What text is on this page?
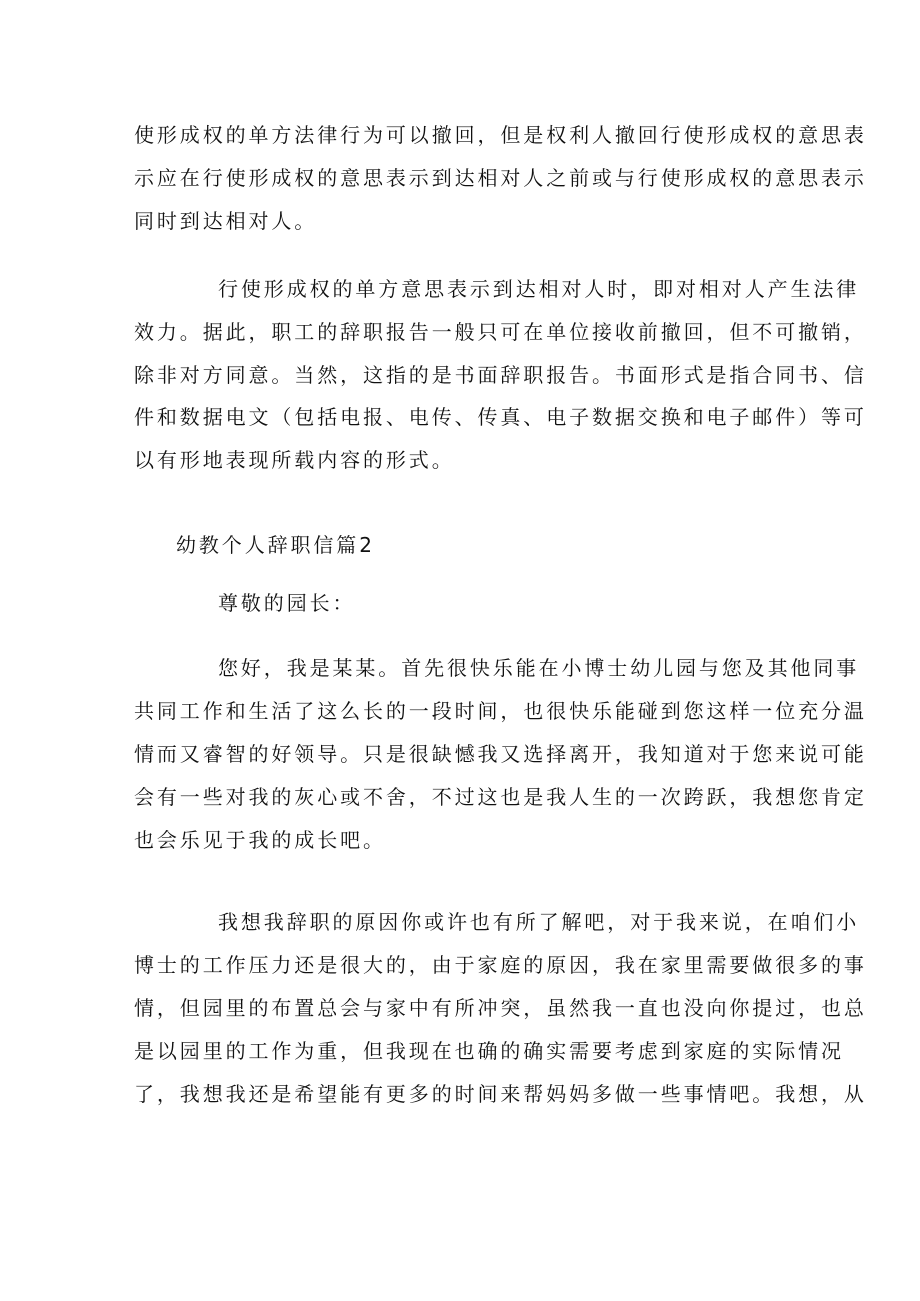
使形成权的单方法律行为可以撤回，但是权利人撤回行使形成权的意思表
示应在行使形成权的意思表示到达相对人之前或与行使形成权的意思表示
同时到达相对人。
行使形成权的单方意思表示到达相对人时，即对相对人产生法律
效力。据此，职工的辞职报告一般只可在单位接收前撤回，但不可撤销，
除非对方同意。当然，这指的是书面辞职报告。书面形式是指合同书、信
件和数据电文（包括电报、电传、传真、电子数据交换和电子邮件）等可
以有形地表现所载内容的形式。
幼教个人辞职信篇2
尊敬的园长：
您好，我是某某。首先很快乐能在小博士幼儿园与您及其他同事
共同工作和生活了这么长的一段时间，也很快乐能碰到您这样一位充分温
情而又睿智的好领导。只是很缺憾我又选择离开，我知道对于您来说可能
会有一些对我的灰心或不舍，不过这也是我人生的一次跨跃，我想您肯定
也会乐见于我的成长吧。
我想我辞职的原因你或许也有所了解吧，对于我来说，在咱们小
博士的工作压力还是很大的，由于家庭的原因，我在家里需要做很多的事
情，但园里的布置总会与家中有所冲突，虽然我一直也没向你提过，也总
是以园里的工作为重，但我现在也确的确实需要考虑到家庭的实际情况
了，我想我还是希望能有更多的时间来帮妈妈多做一些事情吧。我想，从
